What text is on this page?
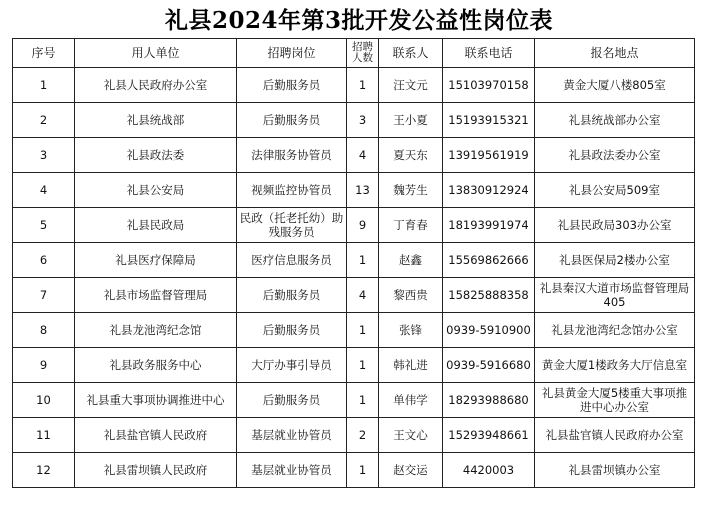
礼县2024年第3批开发公益性岗位表
序号	用人单位	招聘岗位	招聘人数	联系人	联系电话	报名地点
1	礼县人民政府办公室	后勤服务员	1	汪文元	15103970158	黄金大厦八楼805室
2	礼县统战部	后勤服务员	3	王小夏	15193915321	礼县统战部办公室
3	礼县政法委	法律服务协管员	4	夏天东	13919561919	礼县政法委办公室
4	礼县公安局	视频监控协管员	13	魏芳生	13830912924	礼县公安局509室
5	礼县民政局	民政（托老托幼）助残服务员	9	丁育春	18193991974	礼县民政局303办公室
6	礼县医疗保障局	医疗信息服务员	1	赵鑫	15569862666	礼县医保局2楼办公室
7	礼县市场监督管理局	后勤服务员	4	黎西贵	15825888358	礼县秦汉大道市场监督管理局405
8	礼县龙池湾纪念馆	后勤服务员	1	张锋	0939-5910900	礼县龙池湾纪念馆办公室
9	礼县政务服务中心	大厅办事引导员	1	韩礼进	0939-5916680	黄金大厦1楼政务大厅信息室
10	礼县重大事项协调推进中心	后勤服务员	1	单伟学	18293988680	礼县黄金大厦5楼重大事项推进中心办公室
11	礼县盐官镇人民政府	基层就业协管员	2	王文心	15293948661	礼县盐官镇人民政府办公室
12	礼县雷坝镇人民政府	基层就业协管员	1	赵交运	4420003	礼县雷坝镇办公室
